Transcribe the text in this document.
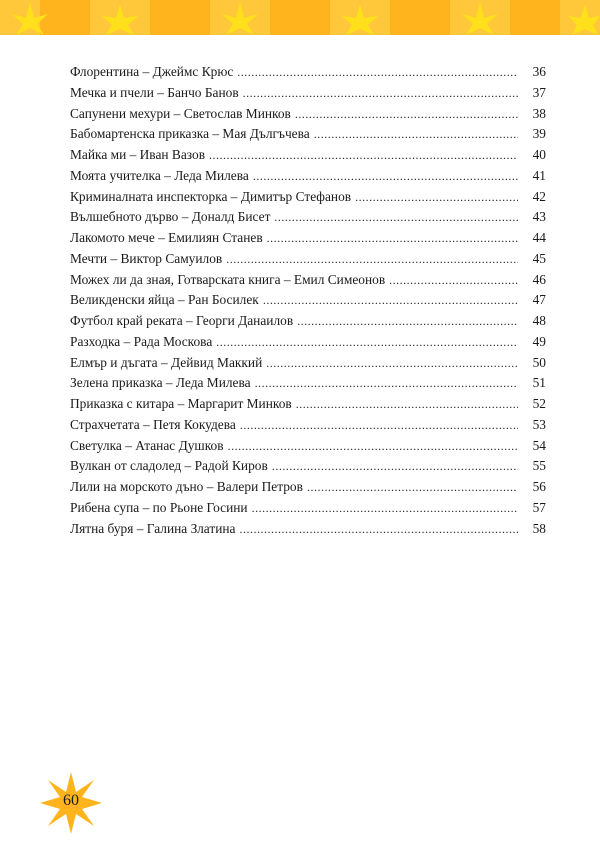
Флорентина – Джеймс Крюс .....	36
Мечка и пчели – Банчо Банов .....	37
Сапунени мехури – Светослав Минков .....	38
Бабомартенска приказка – Мая Дългъчева .....	39
Майка ми – Иван Вазов .....	40
Моята учителка – Леда Милева .....	41
Криминалната инспекторка – Димитър Стефанов .....	42
Вълшебното дърво – Доналд Бисет .....	43
Лакомото мече – Емилиян Станев .....	44
Мечти – Виктор Самуилов .....	45
Можех ли да зная, Готварската книга – Емил Симеонов .....	46
Великденски яйца – Ран Босилек .....	47
Футбол край реката – Георги Данаилов .....	48
Разходка – Рада Москова .....	49
Елмър и дъгата – Дейвид Маккий .....	50
Зелена приказка – Леда Милева .....	51
Приказка с китара – Маргарит Минков .....	52
Страхчетата – Петя Кокудева .....	53
Светулка – Атанас Душков .....	54
Вулкан от сладолед – Радой Киров .....	55
Лили на морското дъно – Валери Петров .....	56
Рибена супа – по Рьоне Госини .....	57
Лятна буря – Галина Златина .....	58
60
